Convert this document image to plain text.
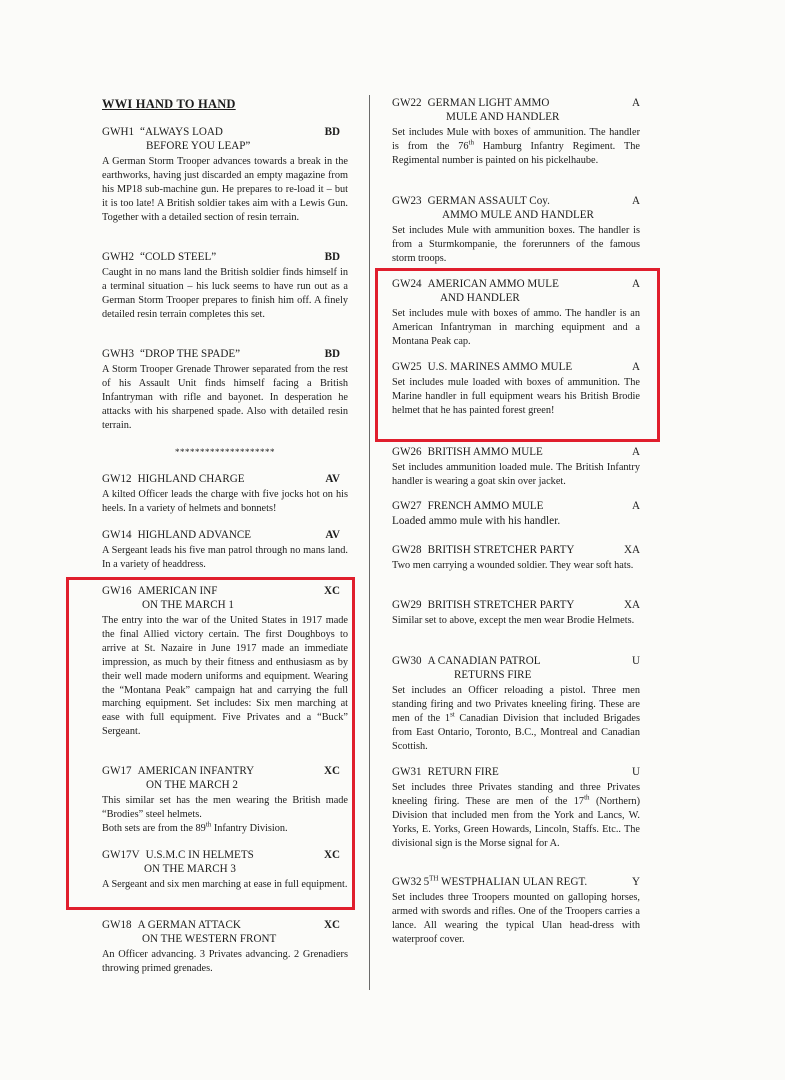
WWI HAND TO HAND
GWH1 “ALWAYS LOAD	BD
BEFORE YOU LEAP”

A German Storm Trooper advances towards a break in the earthworks, having just discarded an empty magazine from his MP18 sub-machine gun. He prepares to re-load it – but it is too late! A British soldier takes aim with a Lewis Gun. Together with a detailed section of resin terrain.

GWH2 “COLD STEEL”	BD

Caught in no mans land the British soldier finds himself in a terminal situation – his luck seems to have run out as a German Storm Trooper prepares to finish him off. A finely detailed resin terrain completes this set.

GWH3 “DROP THE SPADE”	BD

A Storm Trooper Grenade Thrower separated from the rest of his Assault Unit finds himself facing a British Infantryman with rifle and bayonet. In desperation he attacks with his sharpened spade. Also with detailed resin terrain.

GW12 HIGHLAND CHARGE	AV

A kilted Officer leads the charge with five jocks hot on his heels. In a variety of helmets and bonnets!

GW14 HIGHLAND ADVANCE	AV

A Sergeant leads his five man patrol through no mans land. In a variety of headdress.

GW16 AMERICAN INF	XC
ON THE MARCH 1

The entry into the war of the United States in 1917 made the final Allied victory certain. The first Doughboys to arrive at St. Nazaire in June 1917 made an immediate impression, as much by their fitness and enthusiasm as by their well made modern uniforms and equipment. Wearing the “Montana Peak” campaign hat and carrying the full marching equipment. Set includes: Six men marching at ease with full equipment. Five Privates and a “Buck” Sergeant.

GW17 AMERICAN INFANTRY	XC
ON THE MARCH 2

This similar set has the men wearing the British made “Brodies” steel helmets.

Both sets are from the 89th Infantry Division.

GW17V U.S.M.C IN HELMETS	XC
ON THE MARCH 3

A Sergeant and six men marching at ease in full equipment.

GW18 A GERMAN ATTACK	XC
ON THE WESTERN FRONT

An Officer advancing. 3 Privates advancing. 2 Grenadiers throwing primed grenades.

GW22 GERMAN LIGHT AMMO	A
MULE AND HANDLER

Set includes Mule with boxes of ammunition. The handler is from the 76th Hamburg Infantry Regiment. The Regimental number is painted on his pickelhaube.

GW23 GERMAN ASSAULT Coy.	A
AMMO MULE AND HANDLER

Set includes Mule with ammunition boxes. The handler is from a Sturmkompanie, the forerunners of the famous storm troops.

GW24 AMERICAN AMMO MULE	A
AND HANDLER

Set includes mule with boxes of ammo. The handler is an American Infantryman in marching equipment and a Montana Peak cap.

GW25 U.S. MARINES AMMO MULE	A

Set includes mule loaded with boxes of ammunition. The Marine handler in full equipment wears his British Brodie helmet that he has painted forest green!

GW26 BRITISH AMMO MULE	A

Set includes ammunition loaded mule. The British Infantry handler is wearing a goat skin over jacket.

GW27 FRENCH AMMO MULE	A

Loaded ammo mule with his handler.

GW28 BRITISH STRETCHER PARTY	XA

Two men carrying a wounded soldier. They wear soft hats.

GW29 BRITISH STRETCHER PARTY	XA

Similar set to above, except the men wear Brodie Helmets.

GW30 A CANADIAN PATROL	U
RETURNS FIRE

Set includes an Officer reloading a pistol. Three men standing firing and two Privates kneeling firing. These are men of the 1st Canadian Division that included Brigades from East Ontario, Toronto, B.C., Montreal and Canadian Scottish.

GW31 RETURN FIRE	U

Set includes three Privates standing and three Privates kneeling firing. These are men of the 17th (Northern) Division that included men from the York and Lancs, W. Yorks, E. Yorks, Green Howards, Lincoln, Staffs. Etc.. The divisional sign is the Morse signal for A.

GW32 5TH WESTPHALIAN ULAN REGT.	Y

Set includes three Troopers mounted on galloping horses, armed with swords and rifles. One of the Troopers carries a lance. All wearing the typical Ulan head-dress with waterproof cover.

********************
